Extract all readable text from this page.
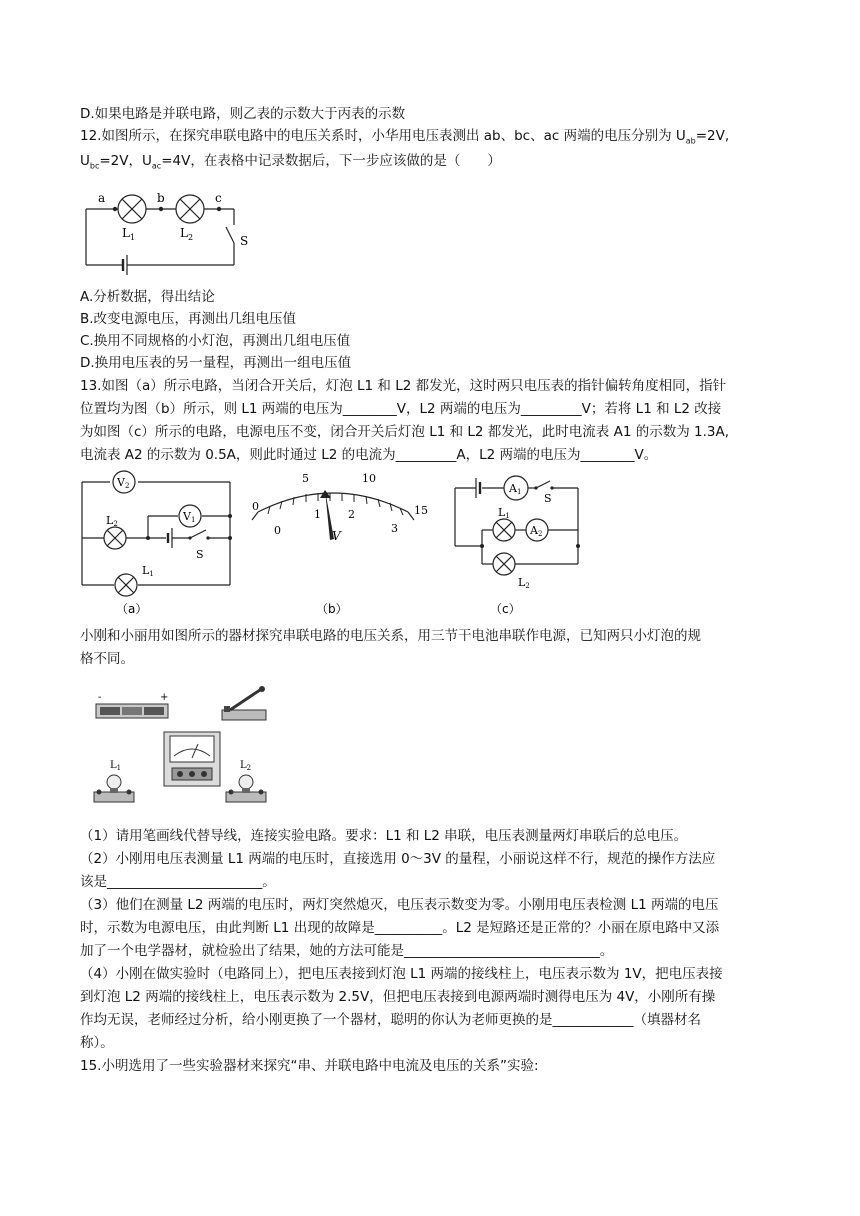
D.如果电路是并联电路，则乙表的示数大于丙表的示数
12.如图所示，在探究串联电路中的电压关系时，小华用电压表测出 ab、bc、ac 两端的电压分别为 $U_{ab}=2V$,
$U_{bc}=2V$，$U_{ac}=4V$，在表格中记录数据后，下一步应该做的是（　　）
a	b	c
$L_1$	$L_2$	S
A.分析数据，得出结论
B.改变电源电压，再测出几组电压值
C.换用不同规格的小灯泡，再测出几组电压值
D.换用电压表的另一量程，再测出一组电压值
13.如图（a）所示电路，当闭合开关后，灯泡 L1 和 L2 都发光，这时两只电压表的指针偏转角度相同，指针
位置均为图（b）所示，则 L1 两端的电压为________V，L2 两端的电压为_________V；若将 L1 和 L2 改接
为如图（c）所示的电路，电源电压不变，闭合开关后灯泡 L1 和 L2 都发光，此时电流表 A1 的示数为 1.3A,
电流表 A2 的示数为 0.5A，则此时通过 L2 的电流为_________A，L2 两端的电压为________V。
V2
V1
L2
L1
S
（a）
0
5	10
15
0
1 2
3
V
（b）
A1
A2
L1
L2
S
（c）
小刚和小丽用如图所示的器材探究串联电路的电压关系，用三节干电池串联作电源，已知两只小灯泡的规
格不同。
-	+
$L_1$	$L_2$
（1）请用笔画线代替导线，连接实验电路。要求：L1 和 L2 串联，电压表测量两灯串联后的总电压。
（2）小刚用电压表测量 L1 两端的电压时，直接选用 0～3V 的量程，小丽说这样不行，规范的操作方法应
该是_______________________。
（3）他们在测量 L2 两端的电压时，两灯突然熄灭，电压表示数变为零。小刚用电压表检测 L1 两端的电压
时，示数为电源电压，由此判断 L1 出现的故障是__________。L2 是短路还是正常的？小丽在原电路中又添
加了一个电学器材，就检验出了结果，她的方法可能是_____________________________。
（4）小刚在做实验时（电路同上），把电压表接到灯泡 L1 两端的接线柱上，电压表示数为 1V，把电压表接
到灯泡 L2 两端的接线柱上，电压表示数为 2.5V，但把电压表接到电源两端时测得电压为 4V，小刚所有操
作均无误，老师经过分析，给小刚更换了一个器材，聪明的你认为老师更换的是____________（填器材名
称）。
15.小明选用了一些实验器材来探究“串、并联电路中电流及电压的关系”实验:
